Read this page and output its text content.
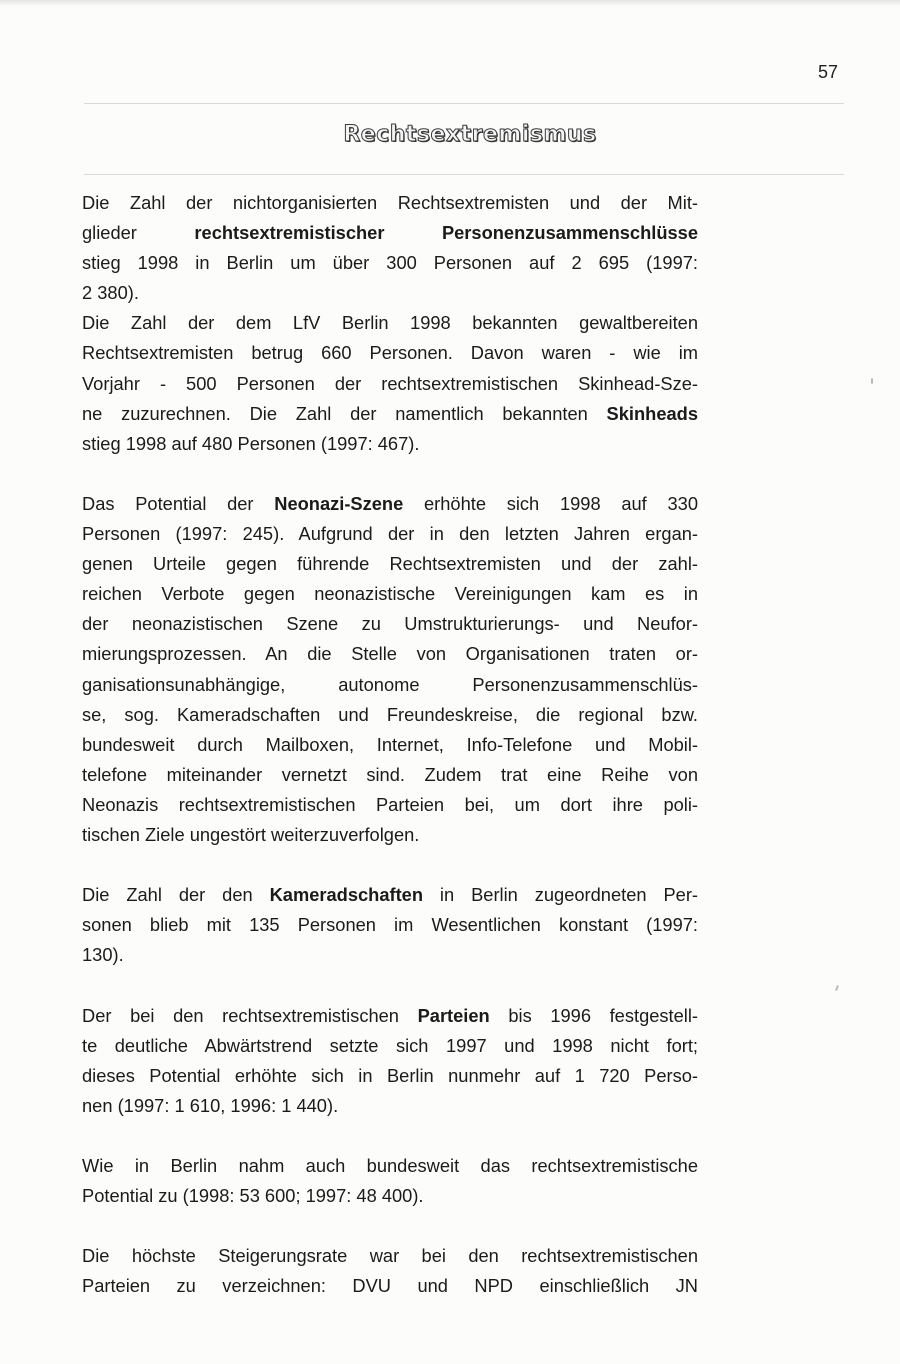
57
Rechtsextremismus

Die Zahl der nichtorganisierten Rechtsextremisten und der Mit-
glieder rechtsextremistischer Personenzusammenschlüsse
stieg 1998 in Berlin um über 300 Personen auf 2 695 (1997:
2 380).
Die Zahl der dem LfV Berlin 1998 bekannten gewaltbereiten
Rechtsextremisten betrug 660 Personen. Davon waren - wie im
Vorjahr - 500 Personen der rechtsextremistischen Skinhead-Sze-
ne zuzurechnen. Die Zahl der namentlich bekannten Skinheads
stieg 1998 auf 480 Personen (1997: 467).

Das Potential der Neonazi-Szene erhöhte sich 1998 auf 330
Personen (1997: 245). Aufgrund der in den letzten Jahren ergan-
genen Urteile gegen führende Rechtsextremisten und der zahl-
reichen Verbote gegen neonazistische Vereinigungen kam es in
der neonazistischen Szene zu Umstrukturierungs- und Neufor-
mierungsprozessen. An die Stelle von Organisationen traten or-
ganisationsunabhängige, autonome Personenzusammenschlüs-
se, sog. Kameradschaften und Freundeskreise, die regional bzw.
bundesweit durch Mailboxen, Internet, Info-Telefone und Mobil-
telefone miteinander vernetzt sind. Zudem trat eine Reihe von
Neonazis rechtsextremistischen Parteien bei, um dort ihre poli-
tischen Ziele ungestört weiterzuverfolgen.

Die Zahl der den Kameradschaften in Berlin zugeordneten Per-
sonen blieb mit 135 Personen im Wesentlichen konstant (1997:
130).

Der bei den rechtsextremistischen Parteien bis 1996 festgestell-
te deutliche Abwärtstrend setzte sich 1997 und 1998 nicht fort;
dieses Potential erhöhte sich in Berlin nunmehr auf 1 720 Perso-
nen (1997: 1 610, 1996: 1 440).

Wie in Berlin nahm auch bundesweit das rechtsextremistische
Potential zu (1998: 53 600; 1997: 48 400).

Die höchste Steigerungsrate war bei den rechtsextremistischen
Parteien zu verzeichnen: DVU und NPD einschließlich JN
